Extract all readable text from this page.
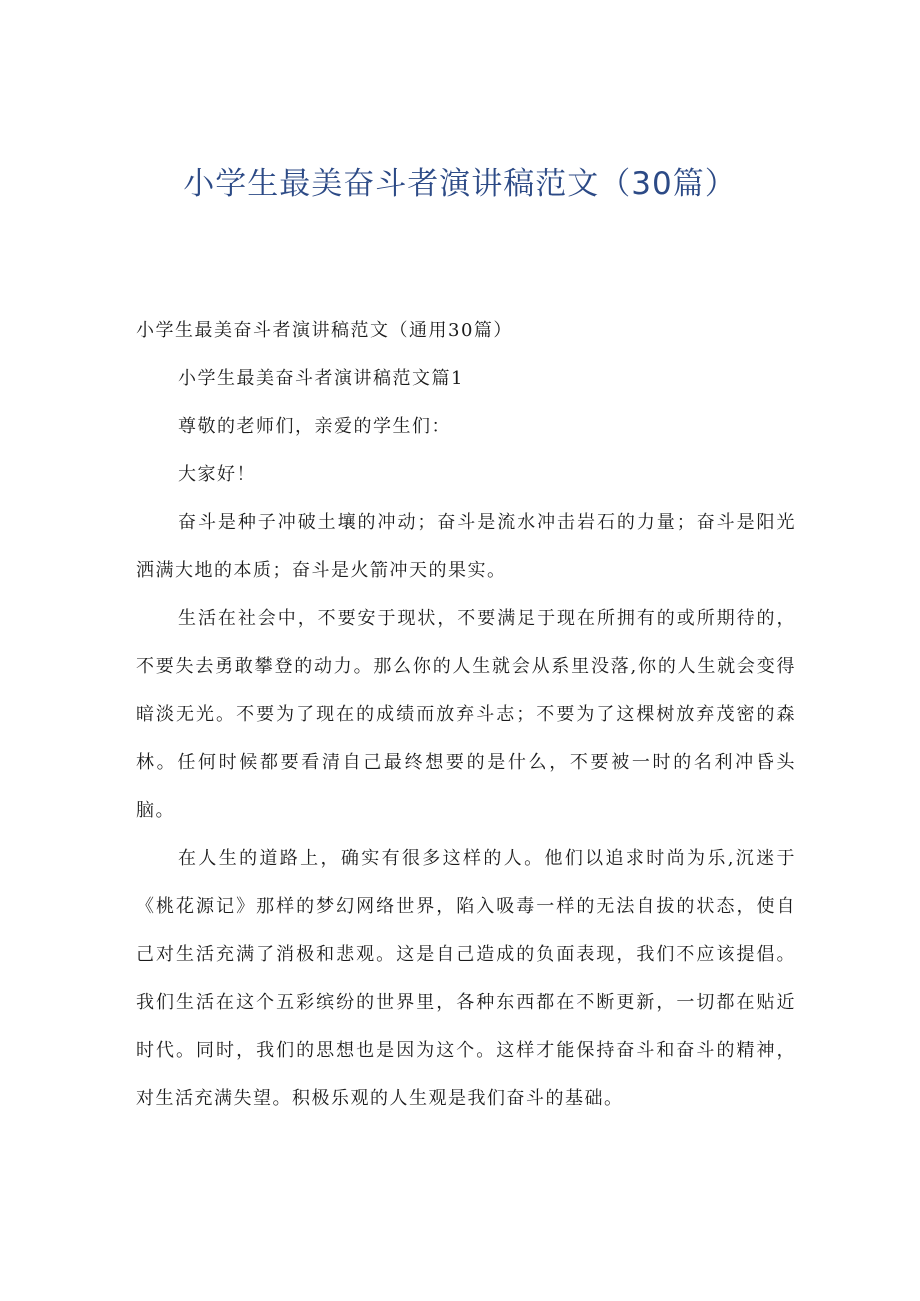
小学生最美奋斗者演讲稿范文（30篇）

小学生最美奋斗者演讲稿范文（通用30篇）

小学生最美奋斗者演讲稿范文篇1

尊敬的老师们，亲爱的学生们：

大家好！

奋斗是种子冲破土壤的冲动；奋斗是流水冲击岩石的力量；奋斗是阳光洒满大地的本质；奋斗是火箭冲天的果实。

生活在社会中，不要安于现状，不要满足于现在所拥有的或所期待的，不要失去勇敢攀登的动力。那么你的人生就会从系里没落,你的人生就会变得暗淡无光。不要为了现在的成绩而放弃斗志；不要为了这棵树放弃茂密的森林。任何时候都要看清自己最终想要的是什么，不要被一时的名利冲昏头脑。

在人生的道路上，确实有很多这样的人。他们以追求时尚为乐,沉迷于《桃花源记》那样的梦幻网络世界，陷入吸毒一样的无法自拔的状态，使自己对生活充满了消极和悲观。这是自己造成的负面表现，我们不应该提倡。我们生活在这个五彩缤纷的世界里，各种东西都在不断更新，一切都在贴近时代。同时，我们的思想也是因为这个。这样才能保持奋斗和奋斗的精神，对生活充满失望。积极乐观的人生观是我们奋斗的基础。
